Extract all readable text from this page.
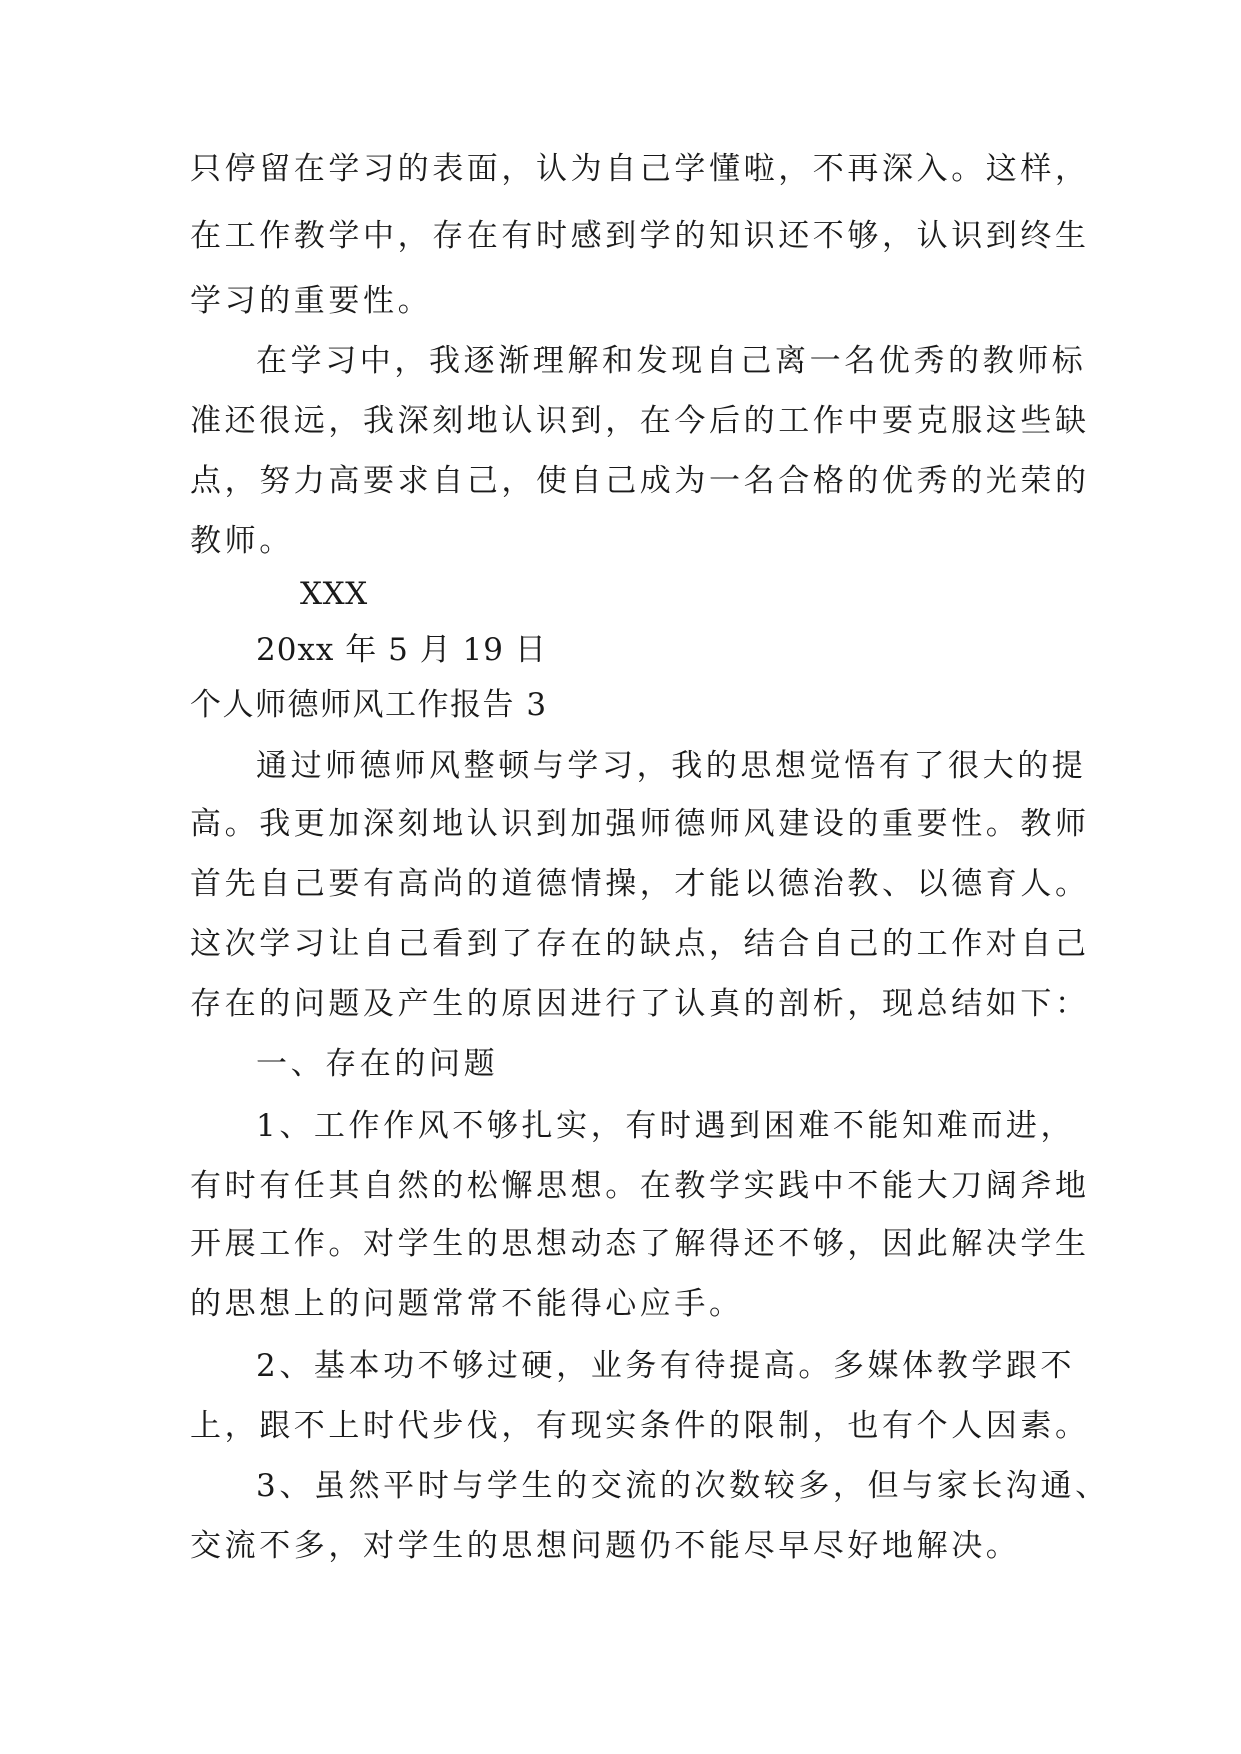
只停留在学习的表面，认为自己学懂啦，不再深入。这样，
在工作教学中，存在有时感到学的知识还不够，认识到终生
学习的重要性。
在学习中，我逐渐理解和发现自己离一名优秀的教师标
准还很远，我深刻地认识到，在今后的工作中要克服这些缺
点，努力高要求自己，使自己成为一名合格的优秀的光荣的
教师。
XXX
20xx 年 5 月 19 日
个人师德师风工作报告 3
通过师德师风整顿与学习，我的思想觉悟有了很大的提
高。我更加深刻地认识到加强师德师风建设的重要性。教师
首先自己要有高尚的道德情操，才能以德治教、以德育人。
这次学习让自己看到了存在的缺点，结合自己的工作对自己
存在的问题及产生的原因进行了认真的剖析，现总结如下：
一、存在的问题
1、工作作风不够扎实，有时遇到困难不能知难而进，
有时有任其自然的松懈思想。在教学实践中不能大刀阔斧地
开展工作。对学生的思想动态了解得还不够，因此解决学生
的思想上的问题常常不能得心应手。
2、基本功不够过硬，业务有待提高。多媒体教学跟不
上，跟不上时代步伐，有现实条件的限制，也有个人因素。
3、虽然平时与学生的交流的次数较多，但与家长沟通、
交流不多，对学生的思想问题仍不能尽早尽好地解决。
